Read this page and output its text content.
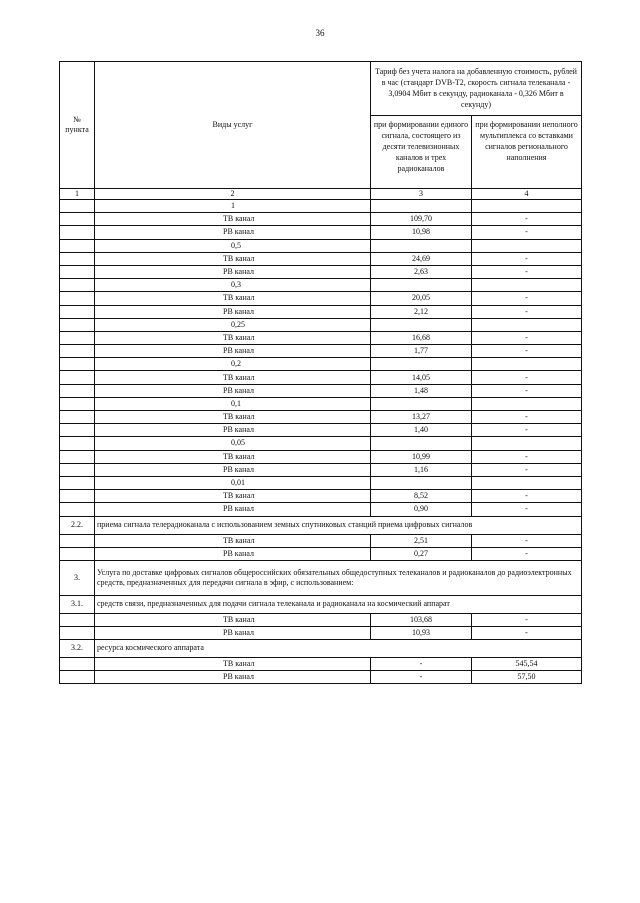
36
№ пункта	Виды услуг	Тариф без учета налога на добавленную стоимость, рублей в час (стандарт DVB-T2, скорость сигнала телеканала - 3,0904 Мбит в секунду, радиоканала - 0,326 Мбит в секунду)	
		при формировании единого сигнала, состоящего из десяти телевизионных каналов и трех радиоканалов	при формировании неполного мультиплекса со вставками сигналов регионального наполнения
1	2	3	4
	1		
	ТВ канал	109,70	-
	РВ канал	10,98	-
	0,5		
	ТВ канал	24,69	-
	РВ канал	2,63	-
	0,3		
	ТВ канал	20,05	-
	РВ канал	2,12	-
	0,25		
	ТВ канал	16,68	-
	РВ канал	1,77	-
	0,2		
	ТВ канал	14,05	-
	РВ канал	1,48	-
	0,1		
	ТВ канал	13,27	-
	РВ канал	1,40	-
	0,05		
	ТВ канал	10,99	-
	РВ канал	1,16	-
	0,01		
	ТВ канал	8,52	-
	РВ канал	0,90	-
2.2.	приема сигнала телерадиоканала с использованием земных спутниковых станций приема цифровых сигналов		
	ТВ канал	2,51	-
	РВ канал	0,27	-
3.	Услуга по доставке цифровых сигналов общероссийских обязательных общедоступных телеканалов и радиоканалов до радиоэлектронных средств, предназначенных для передачи сигнала в эфир, с использованием:		
3.1.	средств связи, предназначенных для подачи сигнала телеканала и радиоканала на космический аппарат		
	ТВ канал	103,68	-
	РВ канал	10,93	-
3.2.	ресурса космического аппарата		
	ТВ канал	-	545,54
	РВ канал	-	57,50
